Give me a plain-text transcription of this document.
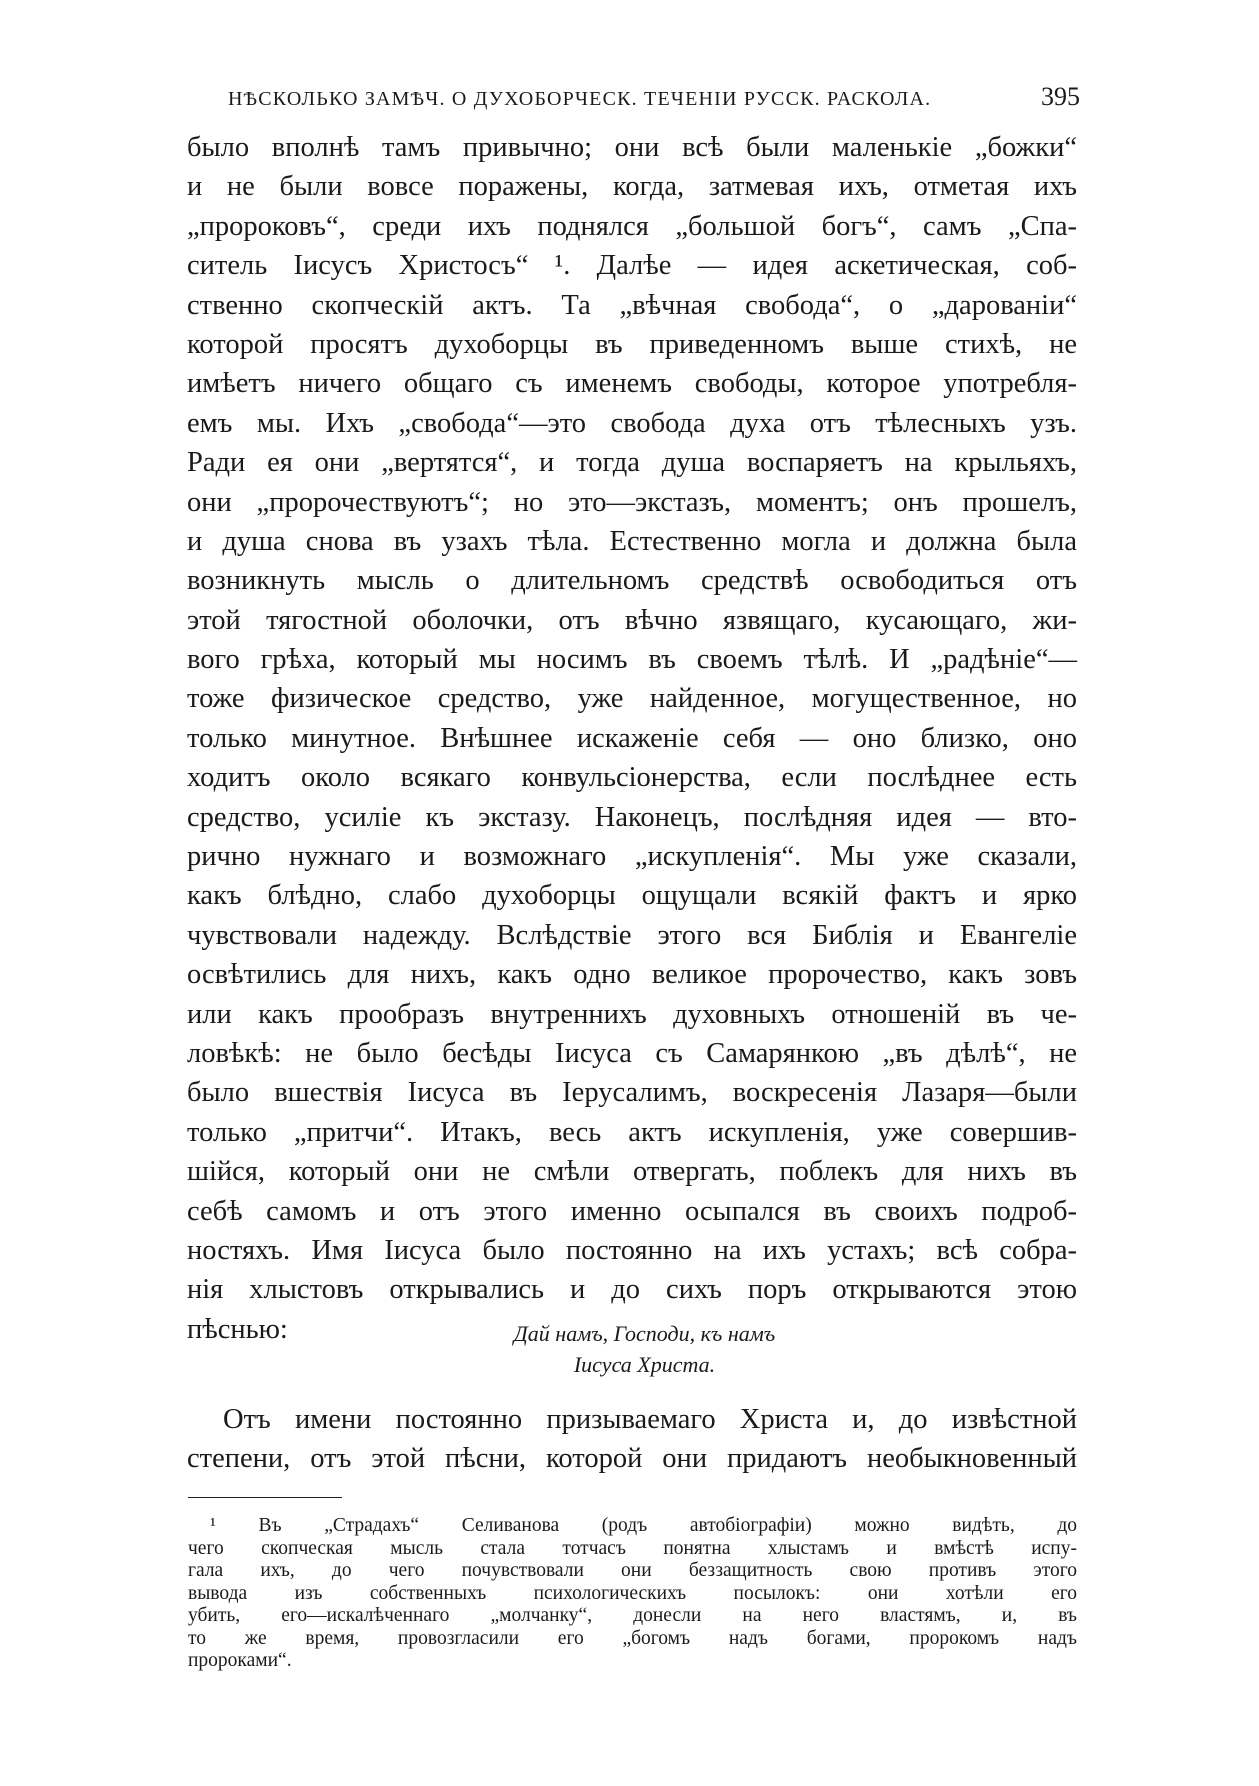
НѢСКОЛЬКО ЗАМѢЧ. О ДУХОБОРЧЕСК. ТЕЧЕНІИ РУССК. РАСКОЛА.	395
было вполнѣ тамъ привычно; они всѣ были маленькіе „божки“
и не были вовсе поражены, когда, затмевая ихъ, отметая ихъ
„пророковъ“, среди ихъ поднялся „большой богъ“, самъ „Спа-
ситель Іисусъ Христосъ“ ¹. Далѣе — идея аскетическая, соб-
ственно скопческій актъ. Та „вѣчная свобода“, о „дарованіи“
которой просятъ духоборцы въ приведенномъ выше стихѣ, не
имѣетъ ничего общаго съ именемъ свободы, которое употребля-
емъ мы. Ихъ „свобода“—это свобода духа отъ тѣлесныхъ узъ.
Ради ея они „вертятся“, и тогда душа воспаряетъ на крыльяхъ,
они „пророчествуютъ“; но это—экстазъ, моментъ; онъ прошелъ,
и душа снова въ узахъ тѣла. Естественно могла и должна была
возникнуть мысль о длительномъ средствѣ освободиться отъ
этой тягостной оболочки, отъ вѣчно язвящаго, кусающаго, жи-
вого грѣха, который мы носимъ въ своемъ тѣлѣ. И „радѣніе“—
тоже физическое средство, уже найденное, могущественное, но
только минутное. Внѣшнее искаженіе себя — оно близко, оно
ходитъ около всякаго конвульсіонерства, если послѣднее есть
средство, усиліе къ экстазу. Наконецъ, послѣдняя идея — вто-
рично нужнаго и возможнаго „искупленія“. Мы уже сказали,
какъ блѣдно, слабо духоборцы ощущали всякій фактъ и ярко
чувствовали надежду. Вслѣдствіе этого вся Библія и Евангеліе
освѣтились для нихъ, какъ одно великое пророчество, какъ зовъ
или какъ прообразъ внутреннихъ духовныхъ отношеній въ че-
ловѣкѣ: не было бесѣды Іисуса съ Самарянкою „въ дѣлѣ“, не
было вшествія Іисуса въ Іерусалимъ, воскресенія Лазаря—были
только „притчи“. Итакъ, весь актъ искупленія, уже совершив-
шійся, который они не смѣли отвергать, поблекъ для нихъ въ
себѣ самомъ и отъ этого именно осыпался въ своихъ подроб-
ностяхъ. Имя Іисуса было постоянно на ихъ устахъ; всѣ собра-
нія хлыстовъ открывались и до сихъ поръ открываются этою
пѣснью:	Дай намъ, Господи, къ намъ
Іисуса Христа.
Отъ имени постоянно призываемаго Христа и, до извѣстной
степени, отъ этой пѣсни, которой они придаютъ необыкновенный
¹ Въ „Страдахъ“ Селиванова (родъ автобіографіи) можно видѣть, до
чего скопческая мысль стала тотчасъ понятна хлыстамъ и вмѣстѣ испу-
гала ихъ, до чего почувствовали они беззащитность свою противъ этого
вывода изъ собственныхъ психологическихъ посылокъ: они хотѣли его
убить, его—искалѣченнаго „молчанку“, донесли на него властямъ, и, въ
то же время, провозгласили его „богомъ надъ богами, пророкомъ надъ
пророками“.
